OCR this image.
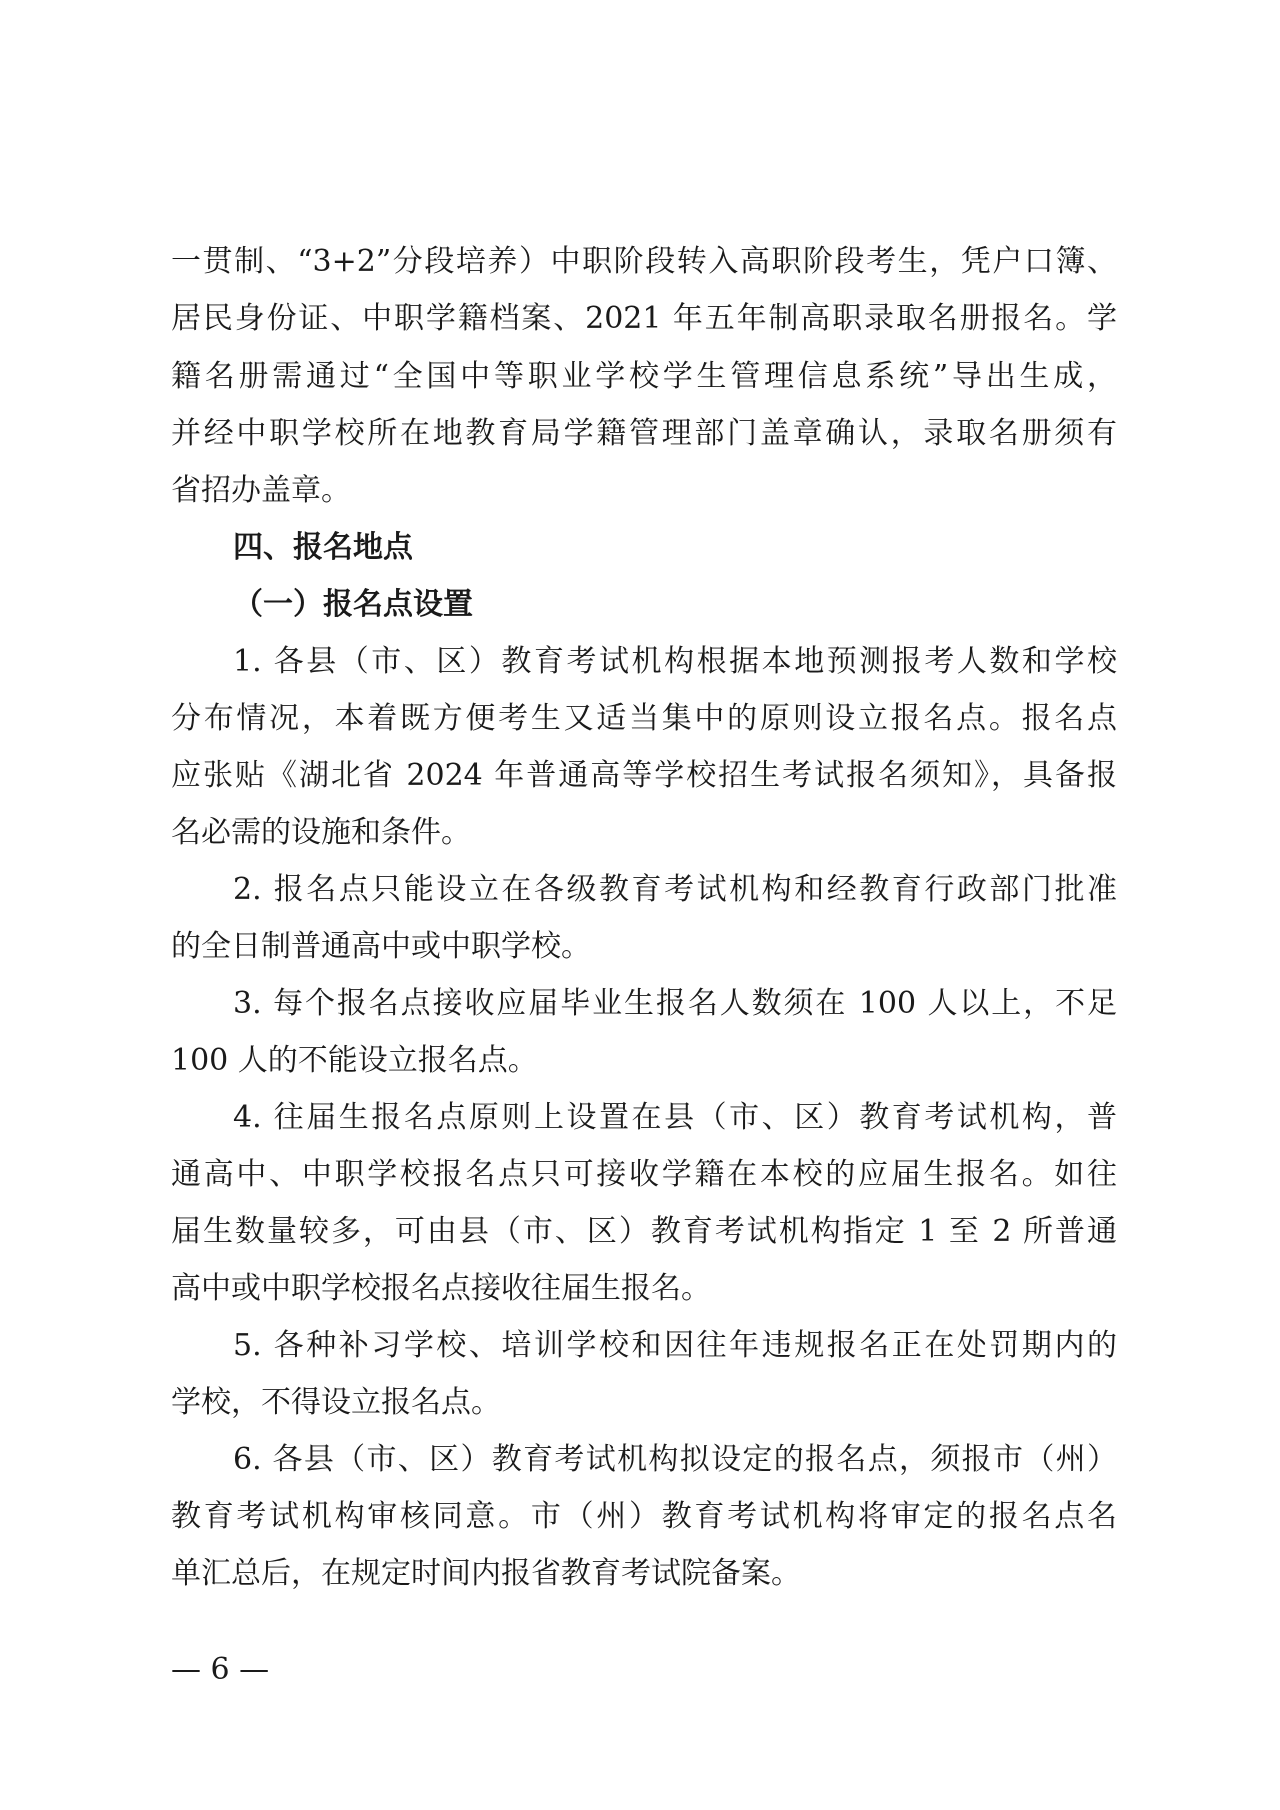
一贯制、“3+2”分段培养）中职阶段转入高职阶段考生，凭户口簿、
居民身份证、中职学籍档案、2021 年五年制高职录取名册报名。学
籍名册需通过“全国中等职业学校学生管理信息系统”导出生成，
并经中职学校所在地教育局学籍管理部门盖章确认，录取名册须有
省招办盖章。
四、报名地点
（一）报名点设置
1. 各县（市、区）教育考试机构根据本地预测报考人数和学校
分布情况，本着既方便考生又适当集中的原则设立报名点。报名点
应张贴《湖北省 2024 年普通高等学校招生考试报名须知》，具备报
名必需的设施和条件。
2. 报名点只能设立在各级教育考试机构和经教育行政部门批准
的全日制普通高中或中职学校。
3. 每个报名点接收应届毕业生报名人数须在 100 人以上，不足
100 人的不能设立报名点。
4. 往届生报名点原则上设置在县（市、区）教育考试机构，普
通高中、中职学校报名点只可接收学籍在本校的应届生报名。如往
届生数量较多，可由县（市、区）教育考试机构指定 1 至 2 所普通
高中或中职学校报名点接收往届生报名。
5. 各种补习学校、培训学校和因往年违规报名正在处罚期内的
学校，不得设立报名点。
6. 各县（市、区）教育考试机构拟设定的报名点，须报市（州）
教育考试机构审核同意。市（州）教育考试机构将审定的报名点名
单汇总后，在规定时间内报省教育考试院备案。
— 6 —
